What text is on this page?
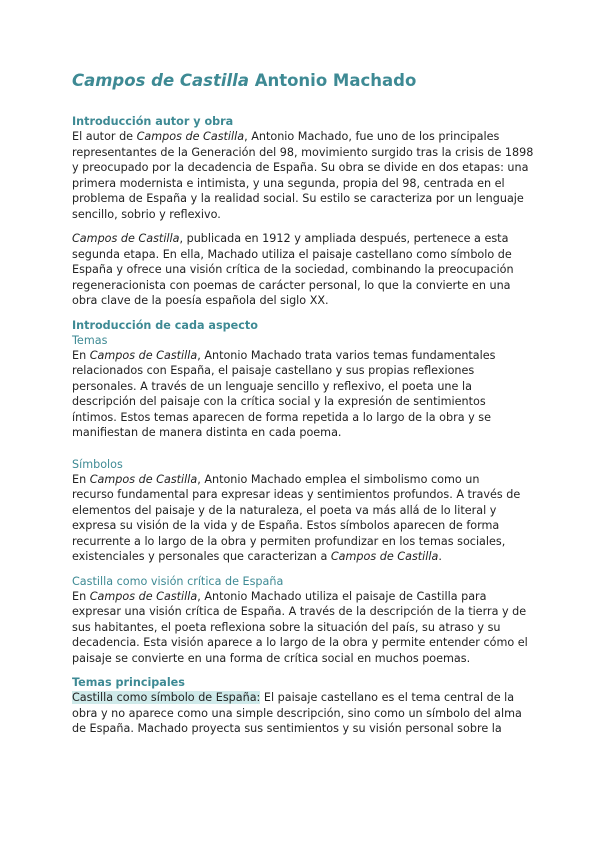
Campos de Castilla Antonio Machado
Introducción autor y obra
El autor de Campos de Castilla, Antonio Machado, fue uno de los principales
representantes de la Generación del 98, movimiento surgido tras la crisis de 1898
y preocupado por la decadencia de España. Su obra se divide en dos etapas: una
primera modernista e intimista, y una segunda, propia del 98, centrada en el
problema de España y la realidad social. Su estilo se caracteriza por un lenguaje
sencillo, sobrio y reflexivo.
Campos de Castilla, publicada en 1912 y ampliada después, pertenece a esta
segunda etapa. En ella, Machado utiliza el paisaje castellano como símbolo de
España y ofrece una visión crítica de la sociedad, combinando la preocupación
regeneracionista con poemas de carácter personal, lo que la convierte en una
obra clave de la poesía española del siglo XX.
Introducción de cada aspecto
Temas
En Campos de Castilla, Antonio Machado trata varios temas fundamentales
relacionados con España, el paisaje castellano y sus propias reflexiones
personales. A través de un lenguaje sencillo y reflexivo, el poeta une la
descripción del paisaje con la crítica social y la expresión de sentimientos
íntimos. Estos temas aparecen de forma repetida a lo largo de la obra y se
manifiestan de manera distinta en cada poema.
Símbolos
En Campos de Castilla, Antonio Machado emplea el simbolismo como un
recurso fundamental para expresar ideas y sentimientos profundos. A través de
elementos del paisaje y de la naturaleza, el poeta va más allá de lo literal y
expresa su visión de la vida y de España. Estos símbolos aparecen de forma
recurrente a lo largo de la obra y permiten profundizar en los temas sociales,
existenciales y personales que caracterizan a Campos de Castilla.
Castilla como visión crítica de España
En Campos de Castilla, Antonio Machado utiliza el paisaje de Castilla para
expresar una visión crítica de España. A través de la descripción de la tierra y de
sus habitantes, el poeta reflexiona sobre la situación del país, su atraso y su
decadencia. Esta visión aparece a lo largo de la obra y permite entender cómo el
paisaje se convierte en una forma de crítica social en muchos poemas.
Temas principales
Castilla como símbolo de España: El paisaje castellano es el tema central de la
obra y no aparece como una simple descripción, sino como un símbolo del alma
de España. Machado proyecta sus sentimientos y su visión personal sobre la
